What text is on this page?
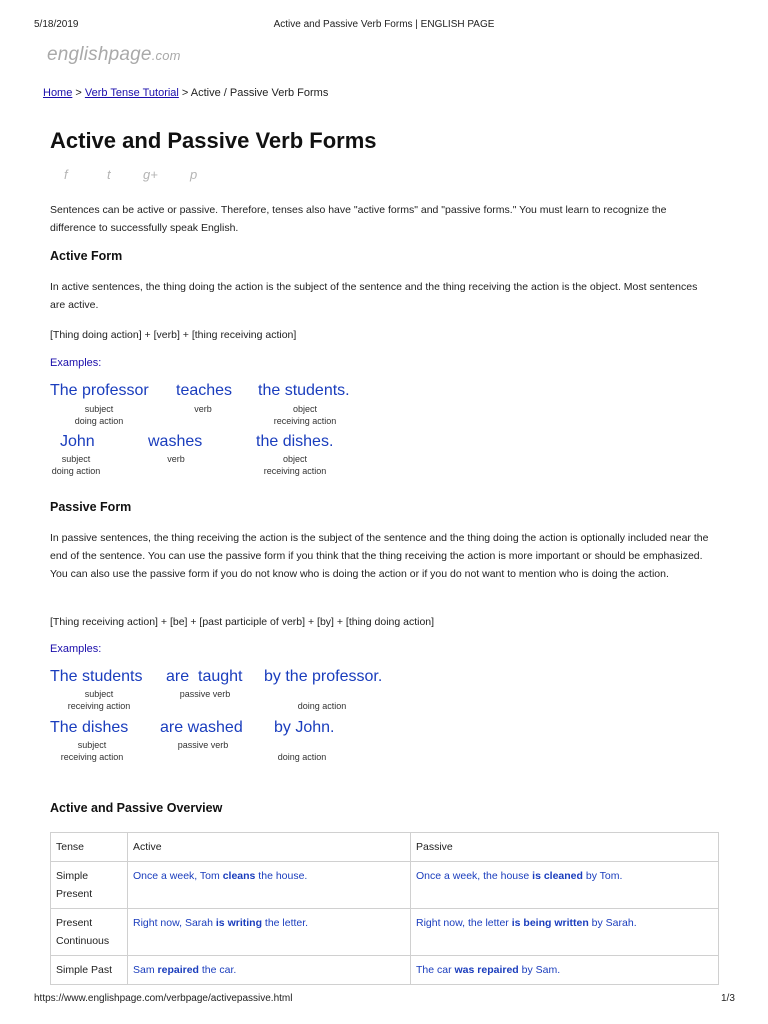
5/18/2019	Active and Passive Verb Forms | ENGLISH PAGE
englishpage.com
Home > Verb Tense Tutorial > Active / Passive Verb Forms
Active and Passive Verb Forms
f	t g+ p

Sentences can be active or passive. Therefore, tenses also have "active forms" and "passive forms." You must learn to recognize the difference to successfully speak English.

Active Form

In active sentences, the thing doing the action is the subject of the sentence and the thing receiving the action is the object. Most sentences are active.

[Thing doing action] + [verb] + [thing receiving action]

Examples:
The professor teaches the students.
subject
doing action
verb	object
receiving action
John	washes	the dishes.
subject
doing action
verb	object
receiving action
Passive Form

In passive sentences, the thing receiving the action is the subject of the sentence and the thing doing the action is optionally included near the end of the sentence. You can use the passive form if you think that the thing receiving the action is more important or should be emphasized. You can also use the passive form if you do not know who is doing the action or if you do not want to mention who is doing the action.

[Thing receiving action] + [be] + [past participle of verb] + [by] + [thing doing action]

Examples:
The students are  taught by the professor.
subject
receiving action
passive verb
doing action
The dishes are washed by John.
subject
receiving action
passive verb
doing action
Active and Passive Overview
Tense	Active	Passive
Simple Present	Once a week, Tom cleans the house.	Once a week, the house is cleaned by Tom.
Present Continuous	Right now, Sarah is writing the letter.	Right now, the letter is being written by Sarah.
Simple Past	Sam repaired the car.	The car was repaired by Sam.
https://www.englishpage.com/verbpage/activepassive.html	1/3
